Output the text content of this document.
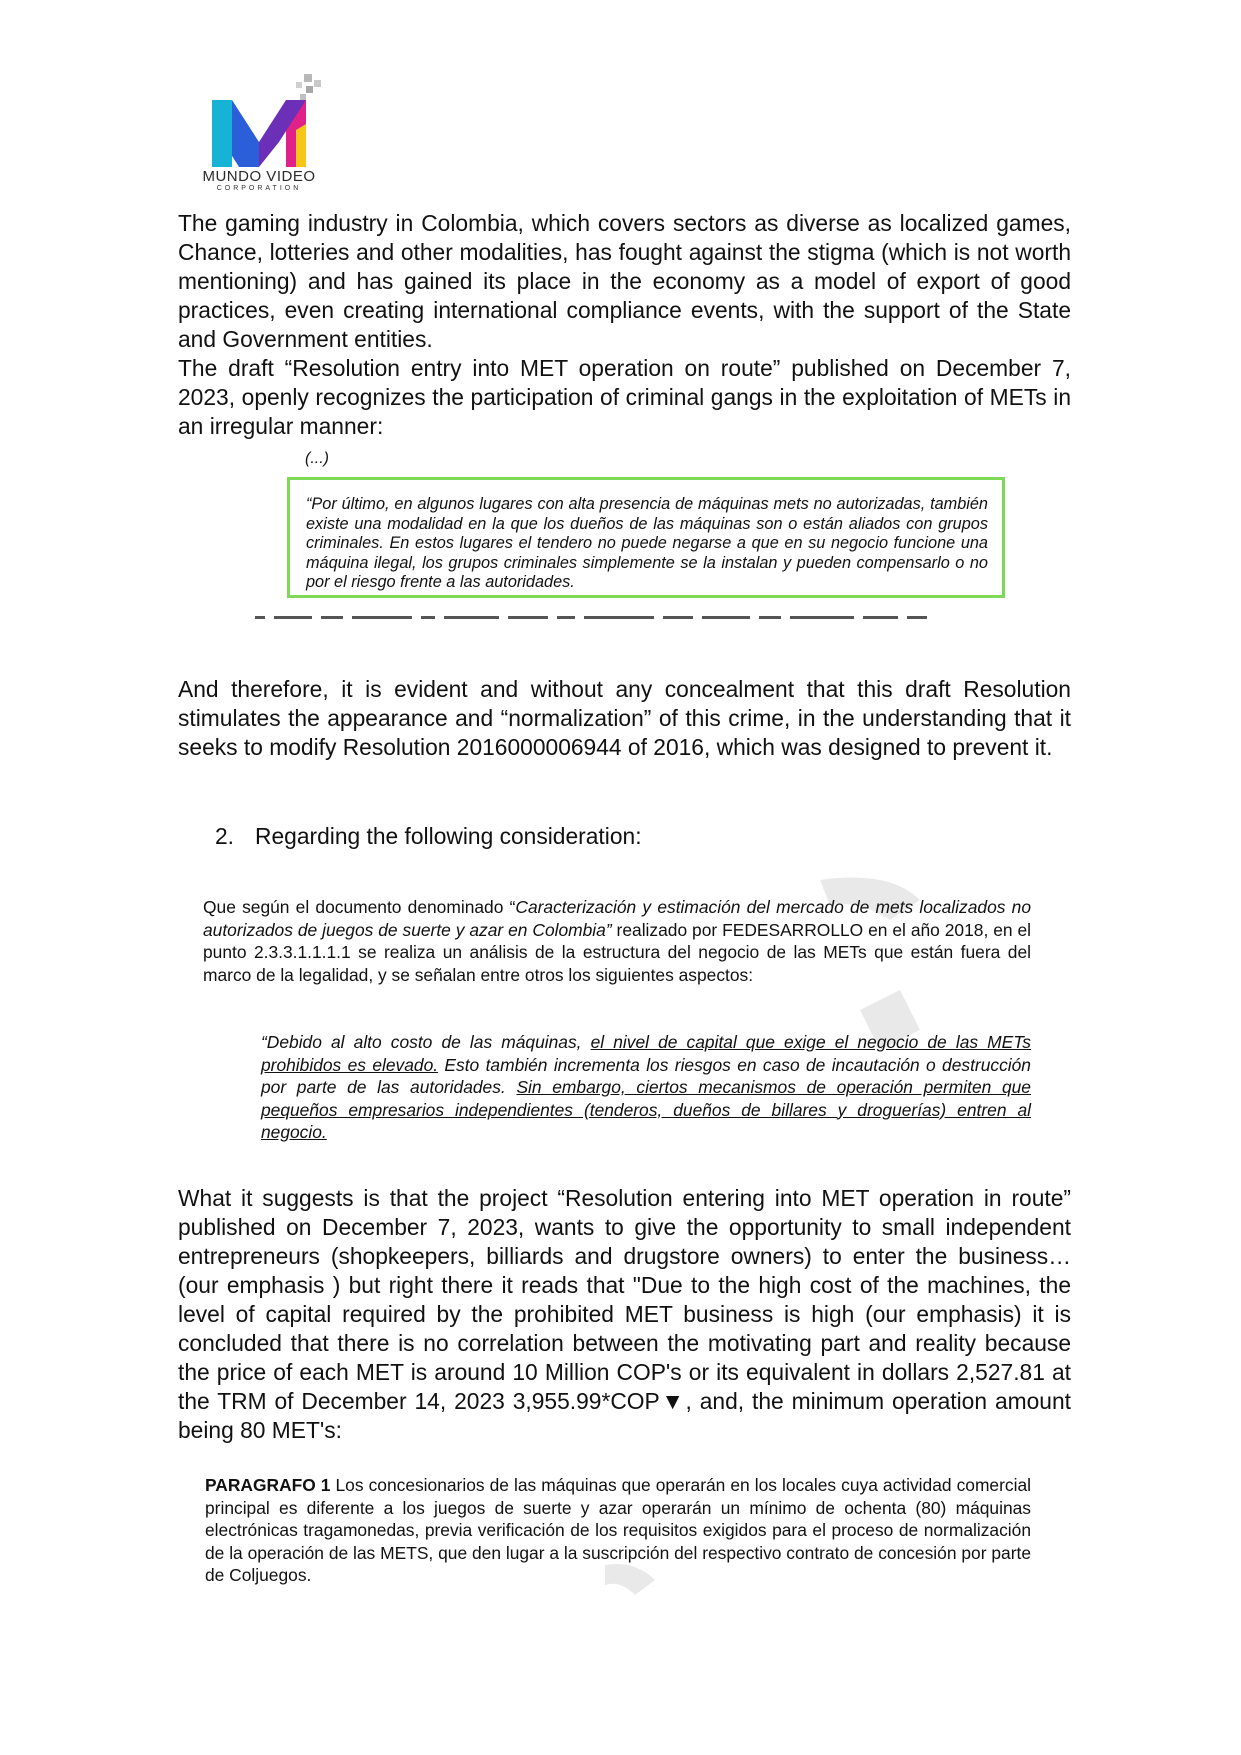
MUNDO VIDEO
CORPORATION

The gaming industry in Colombia, which covers sectors as diverse as localized games, Chance, lotteries and other modalities, has fought against the stigma (which is not worth mentioning) and has gained its place in the economy as a model of export of good practices, even creating international compliance events, with the support of the State and Government entities.

The draft “Resolution entry into MET operation on route” published on December 7, 2023, openly recognizes the participation of criminal gangs in the exploitation of METs in an irregular manner:

(...)

“Por último, en algunos lugares con alta presencia de máquinas mets no autorizadas, también existe una modalidad en la que los dueños de las máquinas son o están aliados con grupos criminales. En estos lugares el tendero no puede negarse a que en su negocio funcione una máquina ilegal, los grupos criminales simplemente se la instalan y pueden compensarlo o no por el riesgo frente a las autoridades.

And therefore, it is evident and without any concealment that this draft Resolution stimulates the appearance and “normalization” of this crime, in the understanding that it seeks to modify Resolution 2016000006944 of 2016, which was designed to prevent it.

2. Regarding the following consideration:

Que según el documento denominado “Caracterización y estimación del mercado de mets localizados no autorizados de juegos de suerte y azar en Colombia” realizado por FEDESARROLLO en el año 2018, en el punto 2.3.3.1.1.1.1 se realiza un análisis de la estructura del negocio de las METs que están fuera del marco de la legalidad, y se señalan entre otros los siguientes aspectos:

“Debido al alto costo de las máquinas, el nivel de capital que exige el negocio de las METs prohibidos es elevado. Esto también incrementa los riesgos en caso de incautación o destrucción por parte de las autoridades. Sin embargo, ciertos mecanismos de operación permiten que pequeños empresarios independientes (tenderos, dueños de billares y droguerías) entren al negocio.

What it suggests is that the project “Resolution entering into MET operation in route” published on December 7, 2023, wants to give the opportunity to small independent entrepreneurs (shopkeepers, billiards and drugstore owners) to enter the business… (our emphasis ) but right there it reads that "Due to the high cost of the machines, the level of capital required by the prohibited MET business is high (our emphasis) it is concluded that there is no correlation between the motivating part and reality because the price of each MET is around 10 Million COP's or its equivalent in dollars 2,527.81 at the TRM of December 14, 2023 3,955.99*COP▼, and, the minimum operation amount being 80 MET's:

PARAGRAFO 1 Los concesionarios de las máquinas que operarán en los locales cuya actividad comercial principal es diferente a los juegos de suerte y azar operarán un mínimo de ochenta (80) máquinas electrónicas tragamonedas, previa verificación de los requisitos exigidos para el proceso de normalización de la operación de las METS, que den lugar a la suscripción del respectivo contrato de concesión por parte de Coljuegos.
